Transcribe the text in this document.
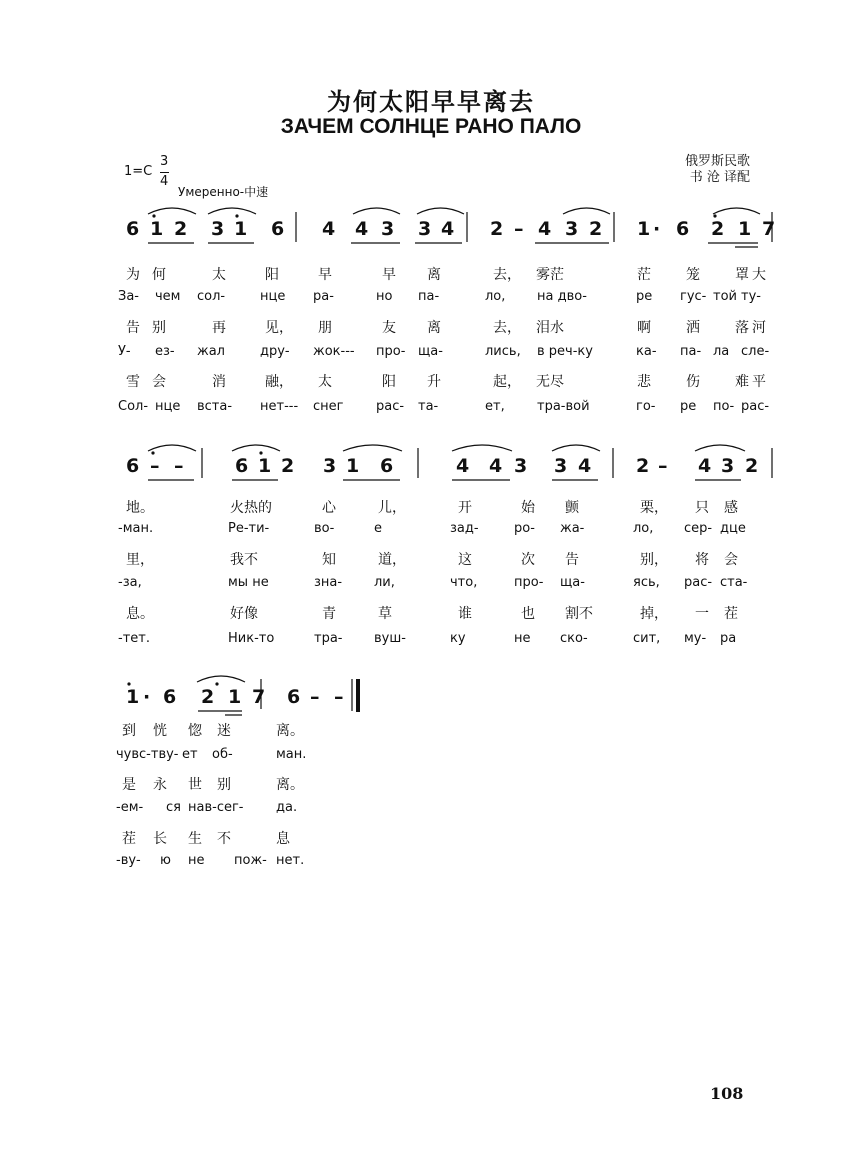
为何太阳早早离去
ЗАЧЕМ СОЛНЦЕ РАНО ПАЛО
1=C
3
4
Умеренно-中速
俄罗斯民歌
书 沧 译配
6 1 2 3 1 6 4 4 3 3 4 2 – 4 3 2 1 · 6 2 1 7
为 何	太	阳	早	早 离	去， 雾茫	茫	笼	罩 大
За- чем сол-	нце ра-	но па-	ло, на дво-	ре гус- той ту-
告 别	再	见， 朋	友 离	去， 泪水	啊	洒	落 河
У- ез- жал	дру- жок--- про- ща-	лись, в реч-ку	ка- па- ла сле-
雪 会	消	融， 太	阳 升	起， 无尽	悲	伤	难 平
Сол- нце вста- нет--- снег	рас- та-	ет, тра-вой	го- ре по- рас-
6 – –	6 1 2 3 1 6	4 4 3 3 4 2 – 4 3 2
地。	火热的	心	儿，	开	始 颤	栗， 只 感
-ман.	Ре-ти-	во-	е	зад-	ро- жа-	ло, сер- дце
里，	我不	知	道，	这	次 告	别， 将 会
-за,	мы не	зна- ли,	что,	про- ща-	ясь, рас- ста-
息。	好像	青	草	谁	也 割不	掉， 一 茬
-тет.	Ник-то	тра- вуш-	ку	не ско-	сит, му- ра
1 · 6 2 1 7 6 – –
到 恍 惚 迷	离。
чувс-тву- ет об-	ман.
是 永 世 别	离。
-ем- ся нав-сег-	да.
茬 长 生 不	息
-ву- ю не пож- нет.
108
